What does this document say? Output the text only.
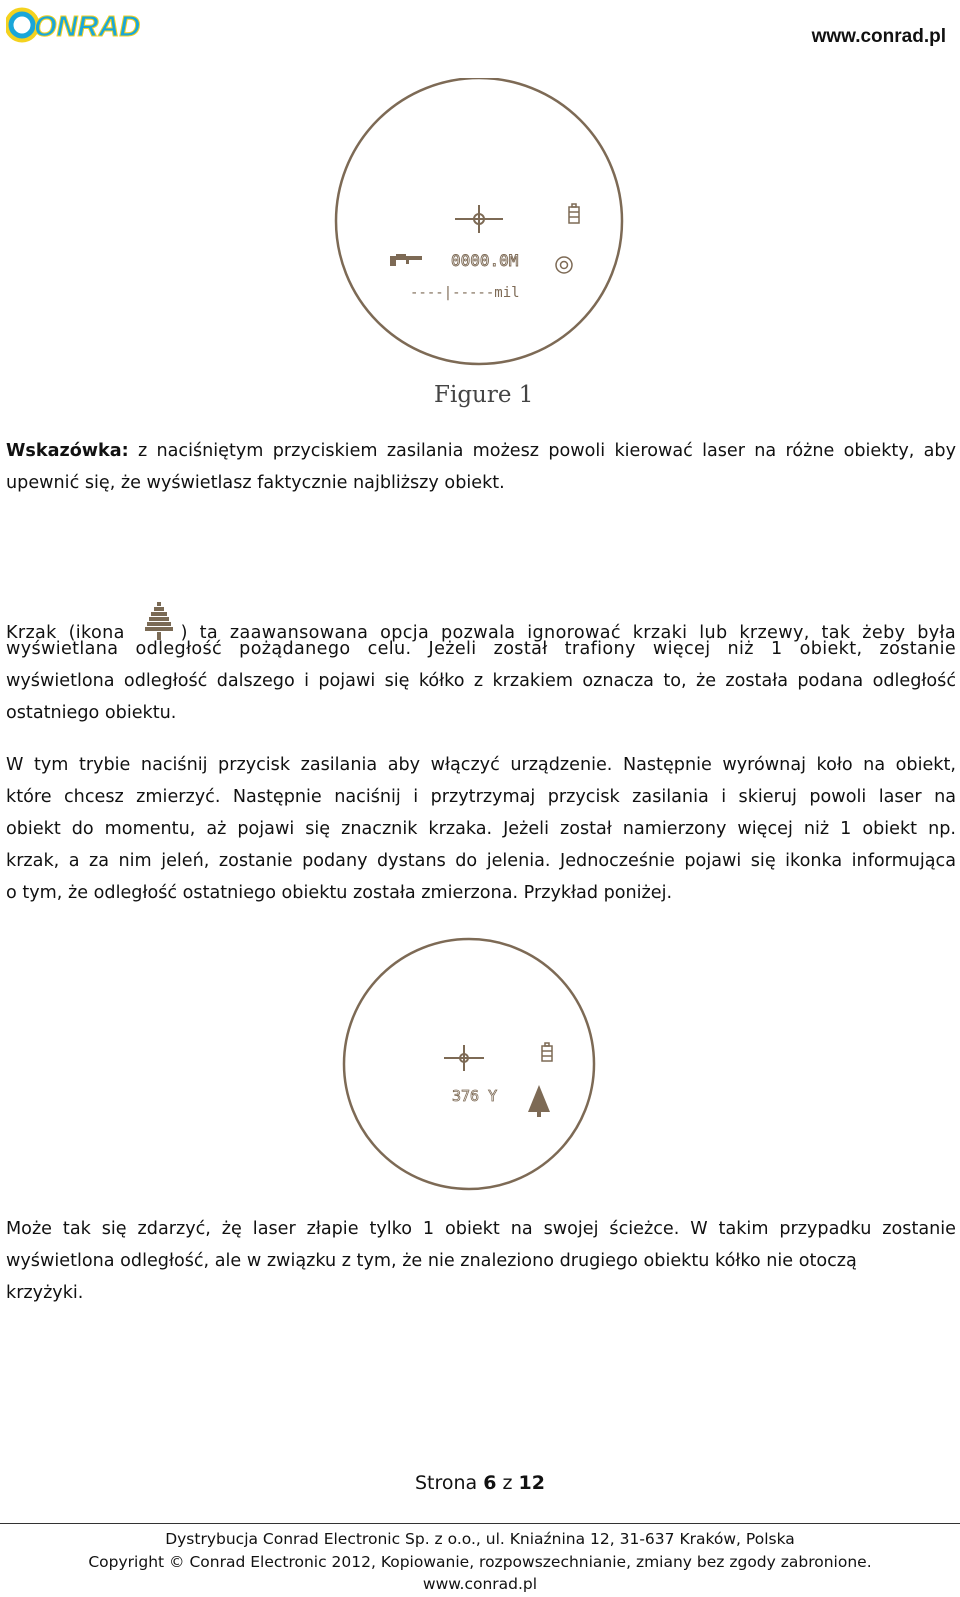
ONRAD	www.conrad.pl
0000.0M
----|-----mil
Figure 1

Wskazówka: z naciśniętym przyciskiem zasilania możesz powoli kierować laser na różne obiekty, aby

upewnić się, że wyświetlasz faktycznie najbliższy obiekt.

Krzak (ikona	) ta zaawansowana opcja pozwala ignorować krzaki lub krzewy, tak żeby była

wyświetlana odległość pożądanego celu. Jeżeli został trafiony więcej niż 1 obiekt, zostanie

wyświetlona odległość dalszego i pojawi się kółko z krzakiem oznacza to, że została podana odległość

ostatniego obiektu.

W tym trybie naciśnij przycisk zasilania aby włączyć urządzenie. Następnie wyrównaj koło na obiekt,

które chcesz zmierzyć. Następnie naciśnij i przytrzymaj przycisk zasilania i skieruj powoli laser na

obiekt do momentu, aż pojawi się znacznik krzaka. Jeżeli został namierzony więcej niż 1 obiekt np.

krzak, a za nim jeleń, zostanie podany dystans do jelenia. Jednocześnie pojawi się ikonka informująca

o tym, że odległość ostatniego obiektu została zmierzona. Przykład poniżej.

376 Y

Może tak się zdarzyć, żę laser złapie tylko 1 obiekt na swojej ścieżce. W takim przypadku zostanie

wyświetlona odległość, ale w związku z tym, że nie znaleziono drugiego obiektu kółko nie otoczą

krzyżyki.

Strona 6 z 12
Dystrybucja Conrad Electronic Sp. z o.o., ul. Kniaźnina 12, 31-637 Kraków, Polska
Copyright © Conrad Electronic 2012, Kopiowanie, rozpowszechnianie, zmiany bez zgody zabronione.
www.conrad.pl
